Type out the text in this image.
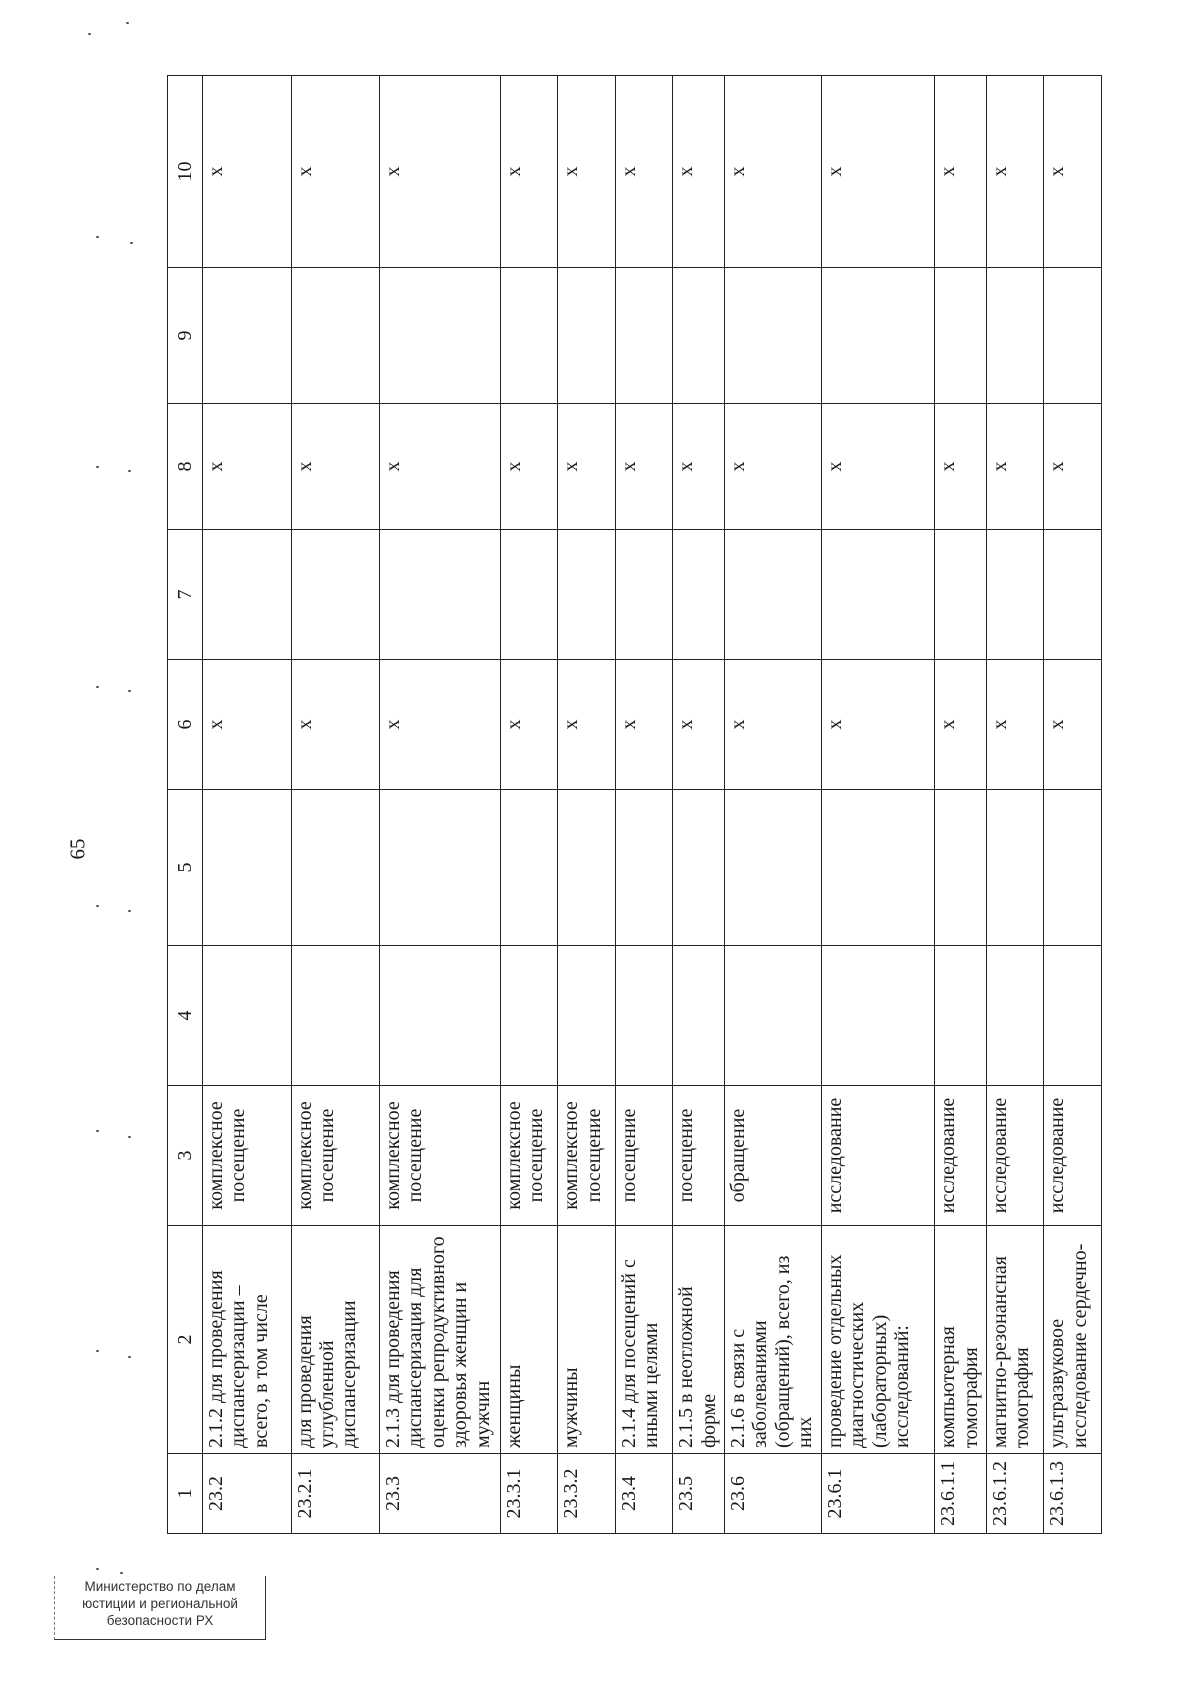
65
1	2	3	4	5	6	7	8	9	10
23.2	2.1.2 для проведения диспансеризации – всего, в том числе	комплексное посещение			х		х		х
23.2.1	для проведения углубленной диспансеризации	комплексное посещение			х		х		х
23.3	2.1.3 для проведения диспансеризация для оценки репродуктивного здоровья женщин и мужчин	комплексное посещение			х		х		х
23.3.1	женщины	комплексное посещение			х		х		х
23.3.2	мужчины	комплексное посещение			х		х		х
23.4	2.1.4 для посещений с иными целями	посещение			х		х		х
23.5	2.1.5 в неотложной форме	посещение			х		х		х
23.6	2.1.6 в связи с заболеваниями (обращений), всего, из них	обращение			х		х		х
23.6.1	проведение отдельных диагностических (лабораторных) исследований:	исследование			х		х		х
23.6.1.1	компьютерная томография	исследование			х		х		х
23.6.1.2	магнитно-резонансная томография	исследование			х		х		х
23.6.1.3	ультразвуковое исследование сердечно-	исследование			х		х		х
Министерство по делам
юстиции и региональной
безопасности РХ
